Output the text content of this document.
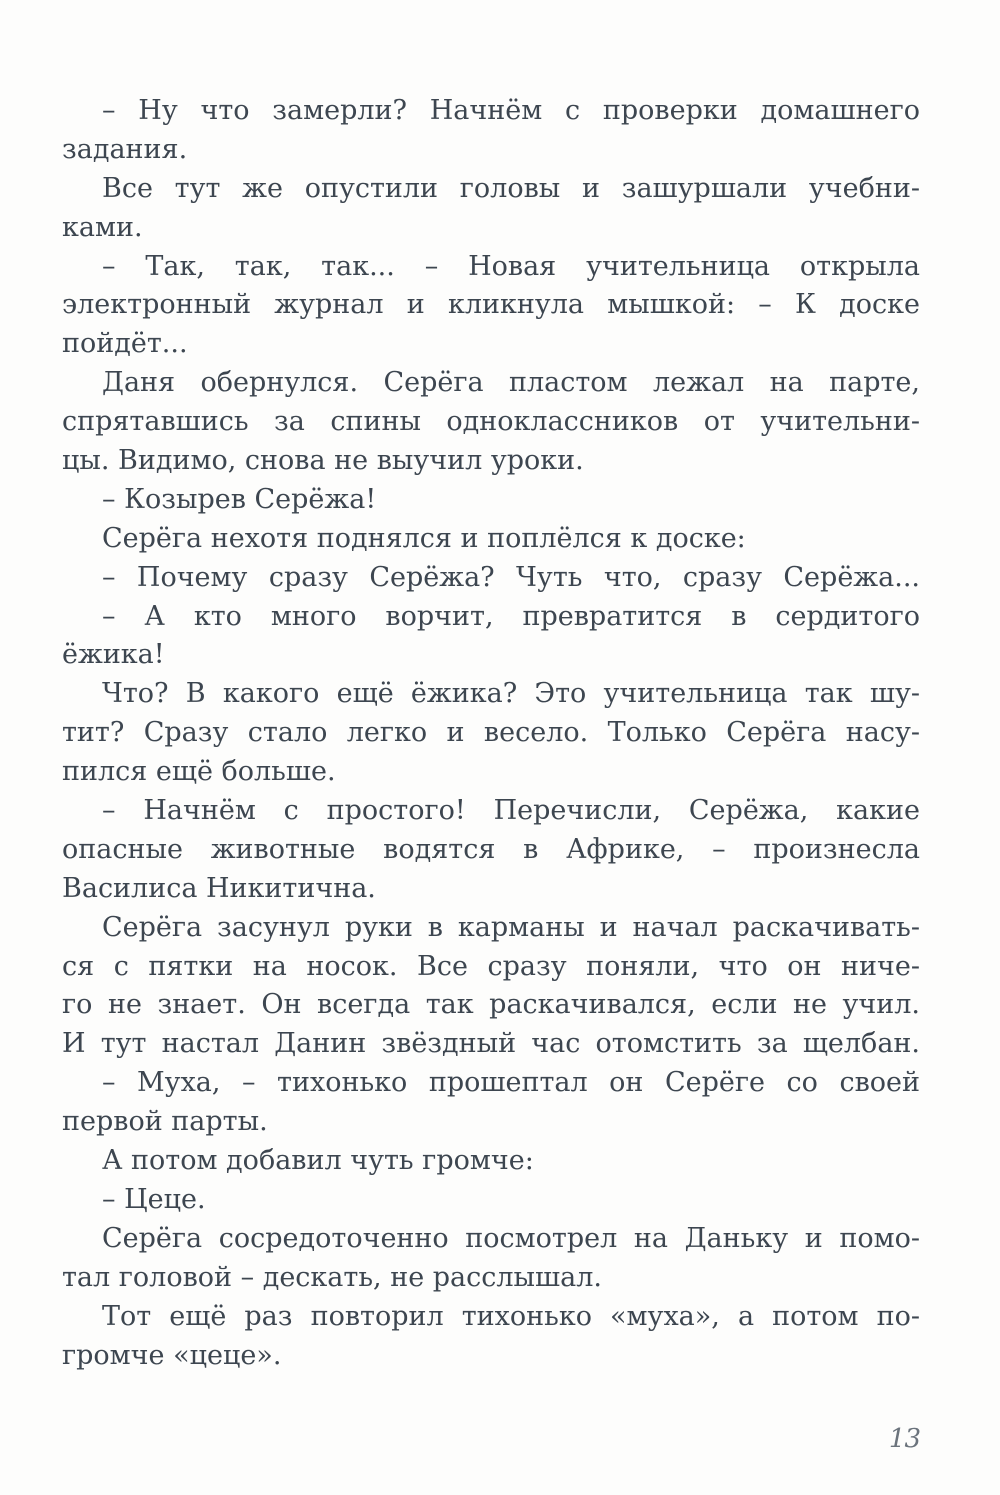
– Ну что замерли? Начнём с проверки домашнего
задания.
Все тут же опустили головы и зашуршали учебни-
ками.
– Так, так, так... – Новая учительница открыла
электронный журнал и кликнула мышкой: – К доске
пойдёт...
Даня обернулся. Серёга пластом лежал на парте,
спрятавшись за спины одноклассников от учительни-
цы. Видимо, снова не выучил уроки.
– Козырев Серёжа!
Серёга нехотя поднялся и поплёлся к доске:
– Почему сразу Серёжа? Чуть что, сразу Серёжа...
– А кто много ворчит, превратится в сердитого
ёжика!
Что? В какого ещё ёжика? Это учительница так шу-
тит? Сразу стало легко и весело. Только Серёга насу-
пился ещё больше.
– Начнём с простого! Перечисли, Серёжа, какие
опасные животные водятся в Африке, – произнесла
Василиса Никитична.
Серёга засунул руки в карманы и начал раскачивать-
ся с пятки на носок. Все сразу поняли, что он ниче-
го не знает. Он всегда так раскачивался, если не учил.
И тут настал Данин звёздный час отомстить за щелбан.
– Муха, – тихонько прошептал он Серёге со своей
первой парты.
А потом добавил чуть громче:
– Цеце.
Серёга сосредоточенно посмотрел на Даньку и помо-
тал головой – дескать, не расслышал.
Тот ещё раз повторил тихонько «муха», а потом по-
громче «цеце».
13
